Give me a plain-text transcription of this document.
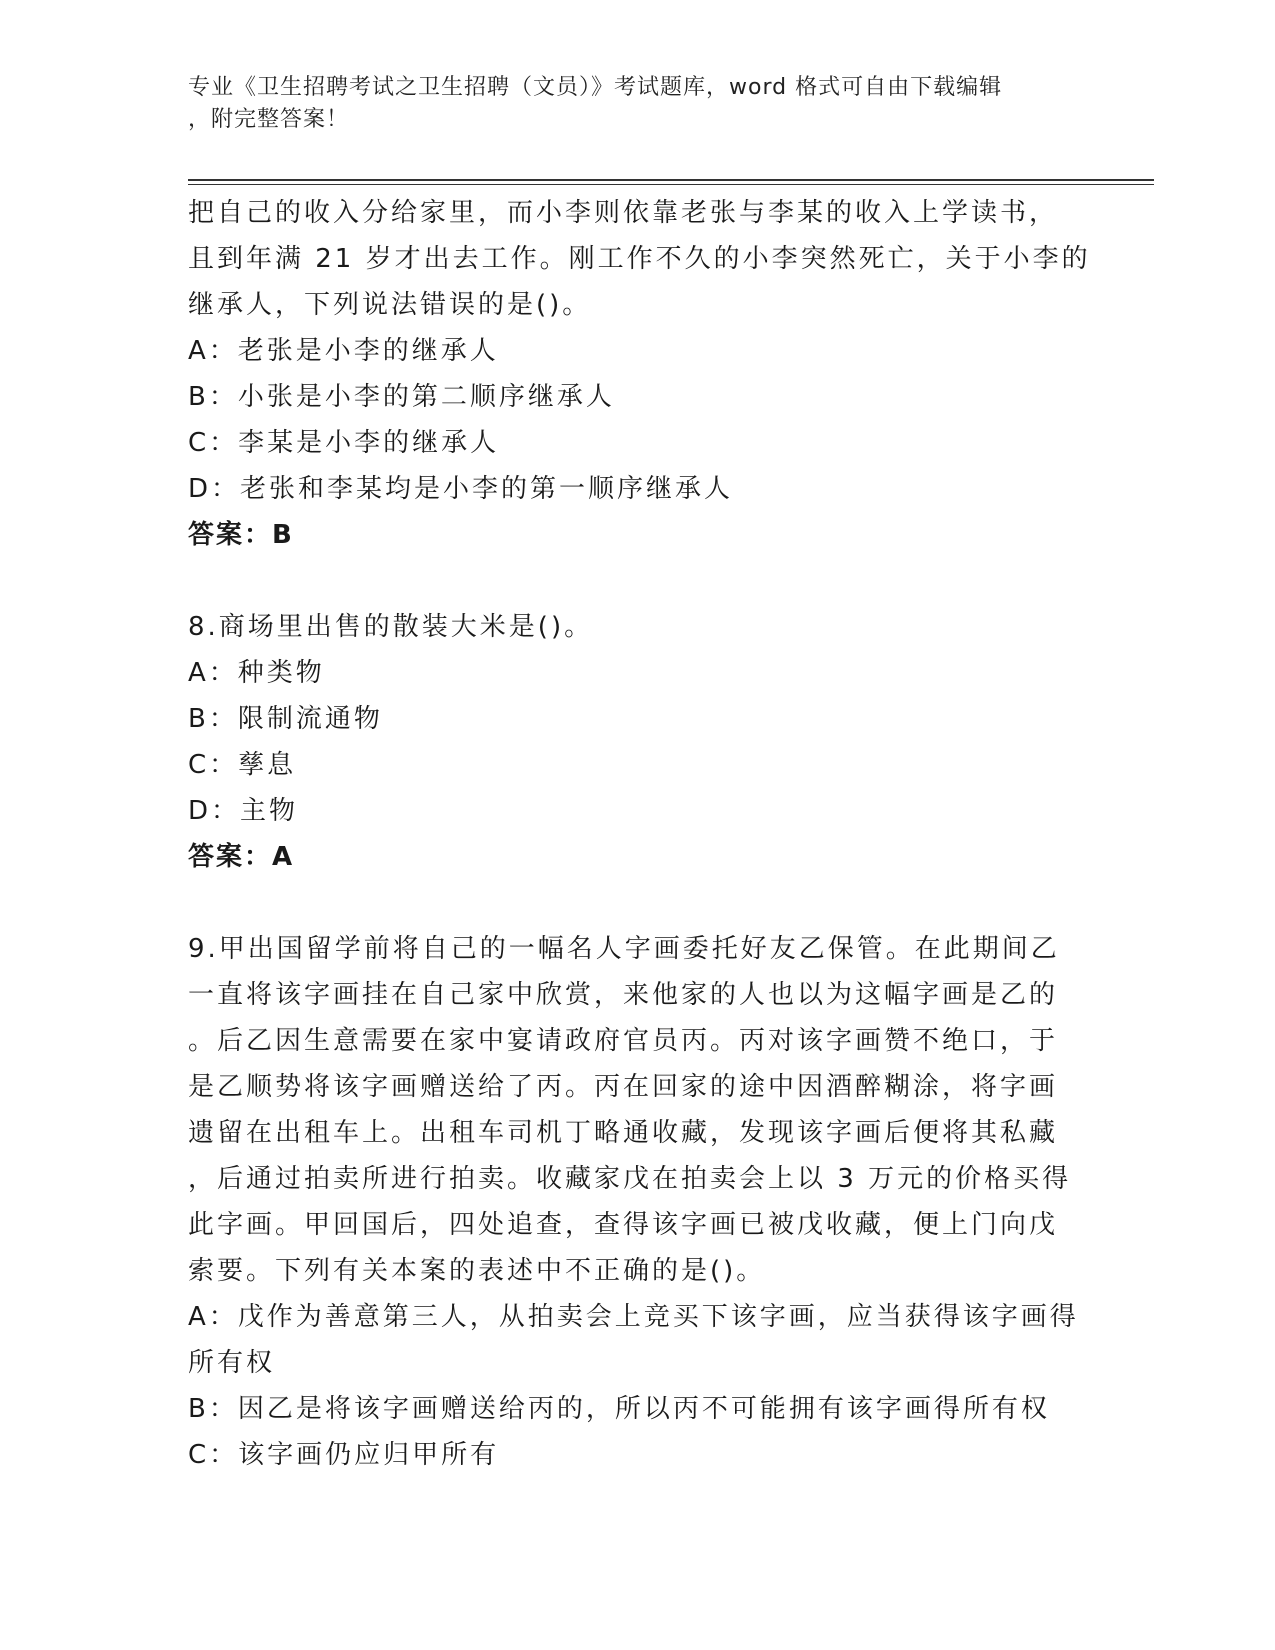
专业《卫生招聘考试之卫生招聘（文员）》考试题库，word 格式可自由下载编辑
，附完整答案！
把自己的收入分给家里，而小李则依靠老张与李某的收入上学读书，
且到年满 21 岁才出去工作。刚工作不久的小李突然死亡，关于小李的
继承人，下列说法错误的是()。
A：老张是小李的继承人
B：小张是小李的第二顺序继承人
C：李某是小李的继承人
D：老张和李某均是小李的第一顺序继承人
答案：B
8.商场里出售的散装大米是()。
A：种类物
B：限制流通物
C：孳息
D：主物
答案：A
9.甲出国留学前将自己的一幅名人字画委托好友乙保管。在此期间乙
一直将该字画挂在自己家中欣赏，来他家的人也以为这幅字画是乙的
。后乙因生意需要在家中宴请政府官员丙。丙对该字画赞不绝口，于
是乙顺势将该字画赠送给了丙。丙在回家的途中因酒醉糊涂，将字画
遗留在出租车上。出租车司机丁略通收藏，发现该字画后便将其私藏
，后通过拍卖所进行拍卖。收藏家戊在拍卖会上以 3 万元的价格买得
此字画。甲回国后，四处追查，查得该字画已被戊收藏，便上门向戊
索要。下列有关本案的表述中不正确的是()。
A：戊作为善意第三人，从拍卖会上竞买下该字画，应当获得该字画得
所有权
B：因乙是将该字画赠送给丙的，所以丙不可能拥有该字画得所有权
C：该字画仍应归甲所有
